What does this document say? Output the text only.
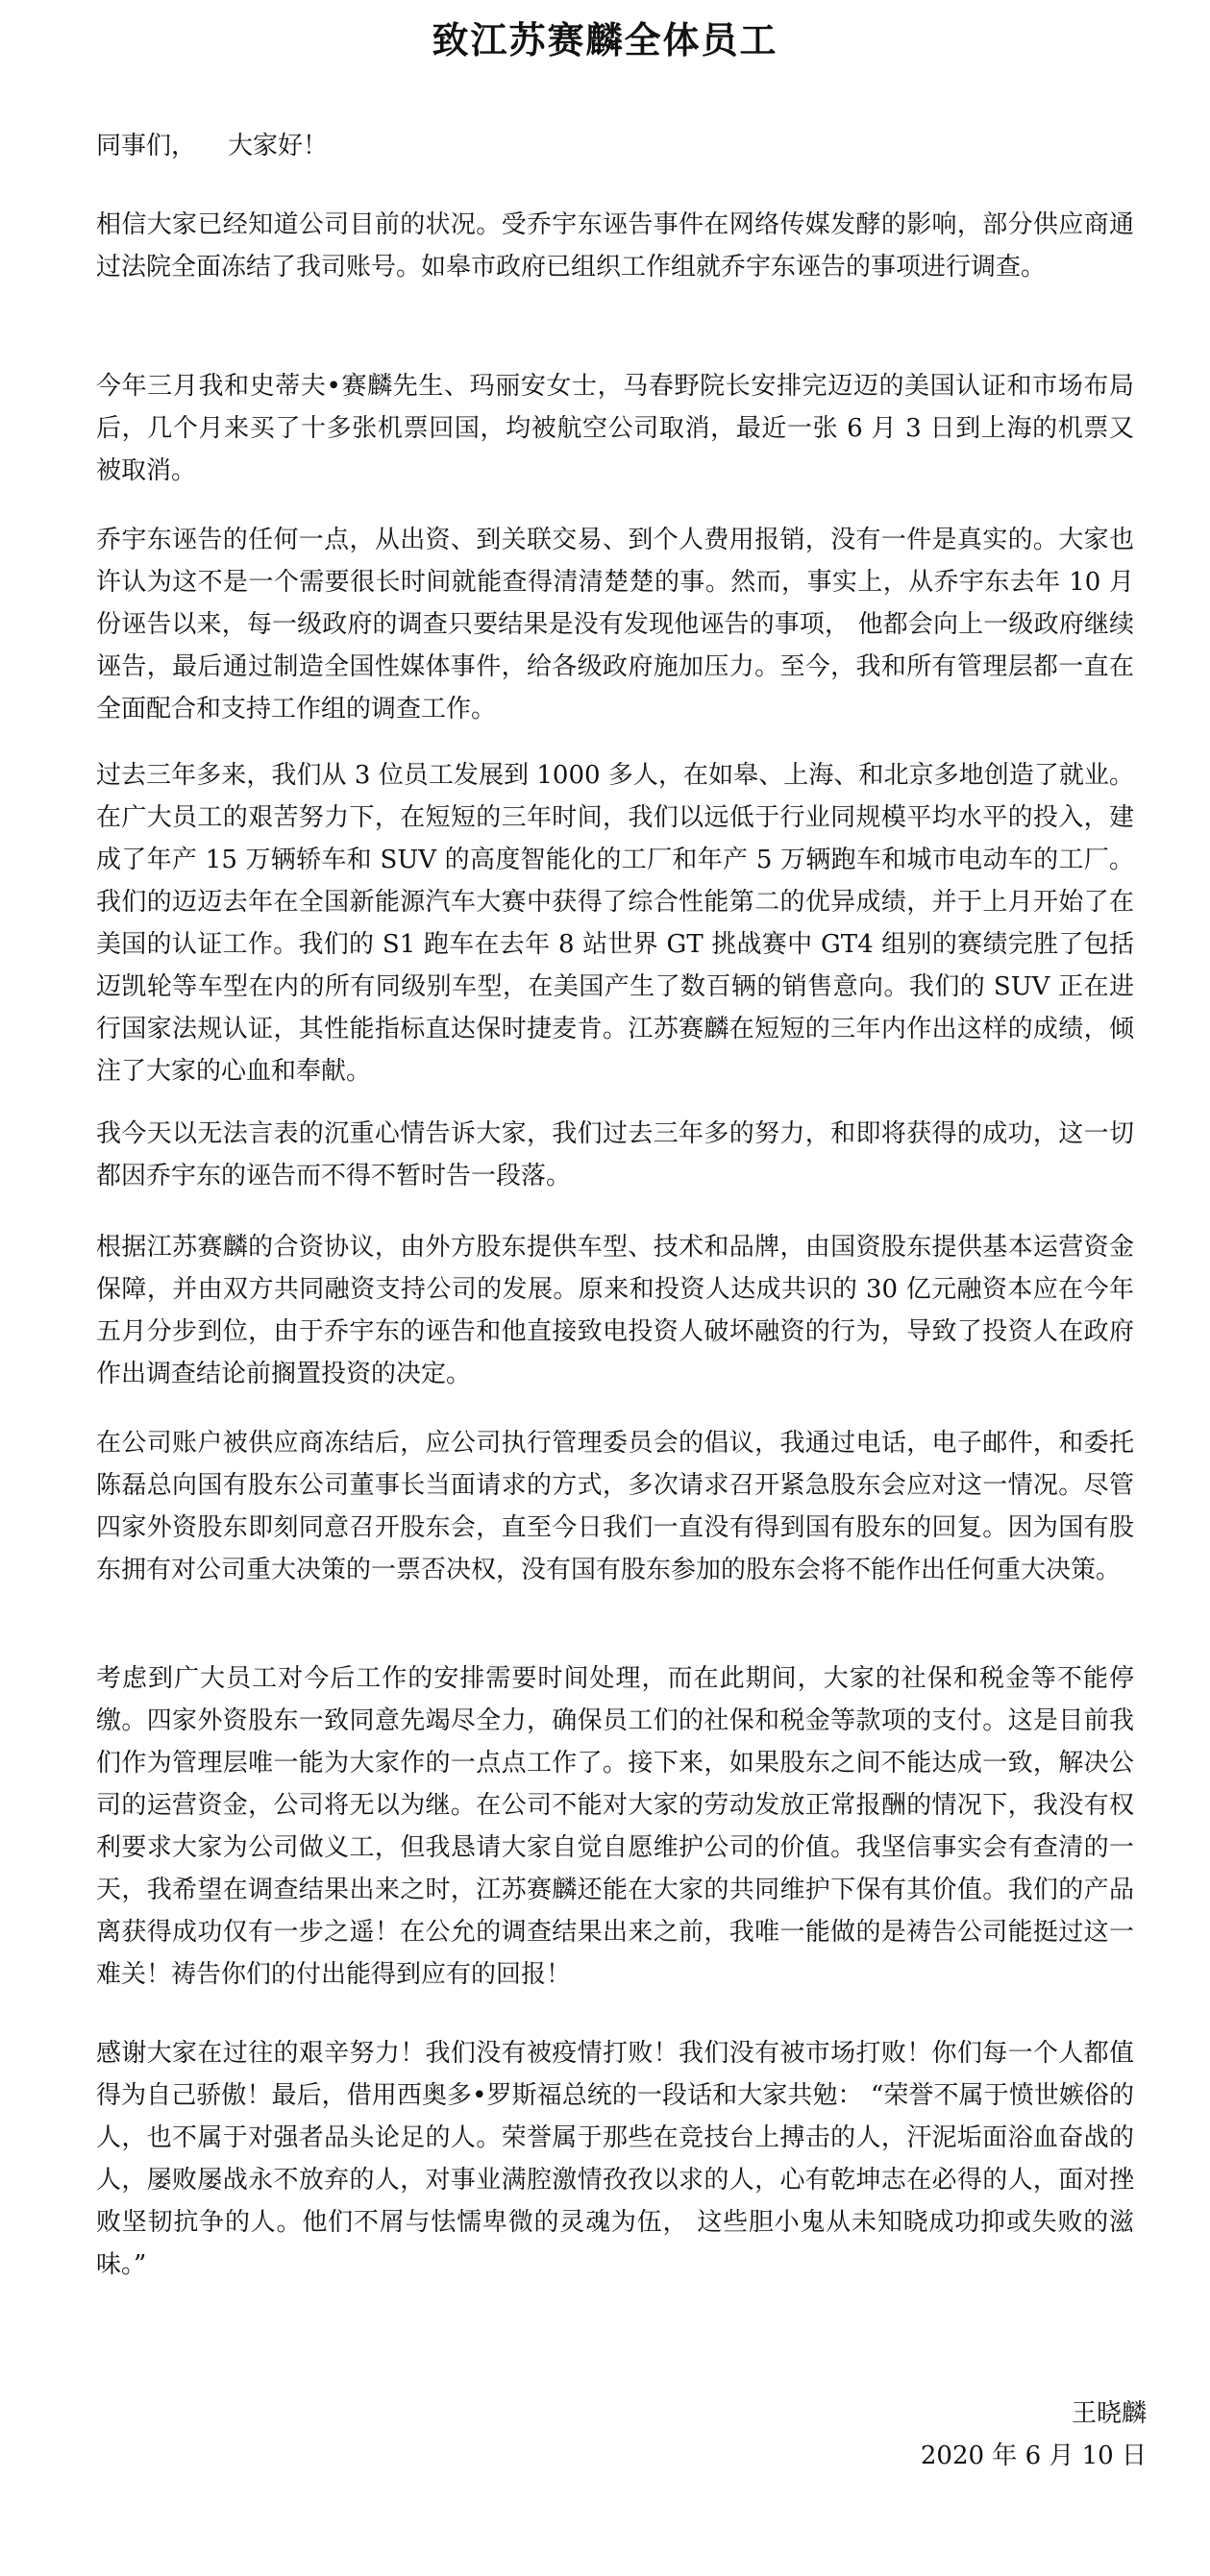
致江苏赛麟全体员工
同事们，    大家好！

相信大家已经知道公司目前的状况。受乔宇东诬告事件在网络传媒发酵的影响，部分供应商通过法院全面冻结了我司账号。如皋市政府已组织工作组就乔宇东诬告的事项进行调查。

今年三月我和史蒂夫•赛麟先生、玛丽安女士，马春野院长安排完迈迈的美国认证和市场布局后，几个月来买了十多张机票回国，均被航空公司取消，最近一张 6 月 3 日到上海的机票又被取消。

乔宇东诬告的任何一点，从出资、到关联交易、到个人费用报销，没有一件是真实的。大家也许认为这不是一个需要很长时间就能查得清清楚楚的事。然而，事实上，从乔宇东去年 10 月份诬告以来，每一级政府的调查只要结果是没有发现他诬告的事项， 他都会向上一级政府继续诬告，最后通过制造全国性媒体事件，给各级政府施加压力。至今，我和所有管理层都一直在全面配合和支持工作组的调查工作。

过去三年多来，我们从 3 位员工发展到 1000 多人，在如皋、上海、和北京多地创造了就业。在广大员工的艰苦努力下，在短短的三年时间，我们以远低于行业同规模平均水平的投入，建成了年产 15 万辆轿车和 SUV 的高度智能化的工厂和年产 5 万辆跑车和城市电动车的工厂。我们的迈迈去年在全国新能源汽车大赛中获得了综合性能第二的优异成绩，并于上月开始了在美国的认证工作。我们的 S1 跑车在去年 8 站世界 GT 挑战赛中 GT4 组别的赛绩完胜了包括迈凯轮等车型在内的所有同级别车型，在美国产生了数百辆的销售意向。我们的 SUV 正在进行国家法规认证，其性能指标直达保时捷麦肯。江苏赛麟在短短的三年内作出这样的成绩，倾注了大家的心血和奉献。

我今天以无法言表的沉重心情告诉大家，我们过去三年多的努力，和即将获得的成功，这一切都因乔宇东的诬告而不得不暂时告一段落。

根据江苏赛麟的合资协议，由外方股东提供车型、技术和品牌，由国资股东提供基本运营资金保障，并由双方共同融资支持公司的发展。原来和投资人达成共识的 30 亿元融资本应在今年五月分步到位，由于乔宇东的诬告和他直接致电投资人破坏融资的行为，导致了投资人在政府作出调查结论前搁置投资的决定。

在公司账户被供应商冻结后，应公司执行管理委员会的倡议，我通过电话，电子邮件，和委托陈磊总向国有股东公司董事长当面请求的方式，多次请求召开紧急股东会应对这一情况。尽管四家外资股东即刻同意召开股东会，直至今日我们一直没有得到国有股东的回复。因为国有股东拥有对公司重大决策的一票否决权，没有国有股东参加的股东会将不能作出任何重大决策。

考虑到广大员工对今后工作的安排需要时间处理，而在此期间，大家的社保和税金等不能停缴。四家外资股东一致同意先竭尽全力，确保员工们的社保和税金等款项的支付。这是目前我们作为管理层唯一能为大家作的一点点工作了。接下来，如果股东之间不能达成一致，解决公司的运营资金，公司将无以为继。在公司不能对大家的劳动发放正常报酬的情况下，我没有权利要求大家为公司做义工，但我恳请大家自觉自愿维护公司的价值。我坚信事实会有查清的一天，我希望在调查结果出来之时，江苏赛麟还能在大家的共同维护下保有其价值。我们的产品离获得成功仅有一步之遥！在公允的调查结果出来之前，我唯一能做的是祷告公司能挺过这一难关！祷告你们的付出能得到应有的回报！

感谢大家在过往的艰辛努力！我们没有被疫情打败！我们没有被市场打败！你们每一个人都值得为自己骄傲！最后，借用西奥多•罗斯福总统的一段话和大家共勉： “荣誉不属于愤世嫉俗的人，也不属于对强者品头论足的人。荣誉属于那些在竞技台上搏击的人，汗泥垢面浴血奋战的人，屡败屡战永不放弃的人，对事业满腔激情孜孜以求的人，心有乾坤志在必得的人，面对挫败坚韧抗争的人。他们不屑与怯懦卑微的灵魂为伍， 这些胆小鬼从未知晓成功抑或失败的滋味。”

王晓麟
2020 年 6 月 10 日
